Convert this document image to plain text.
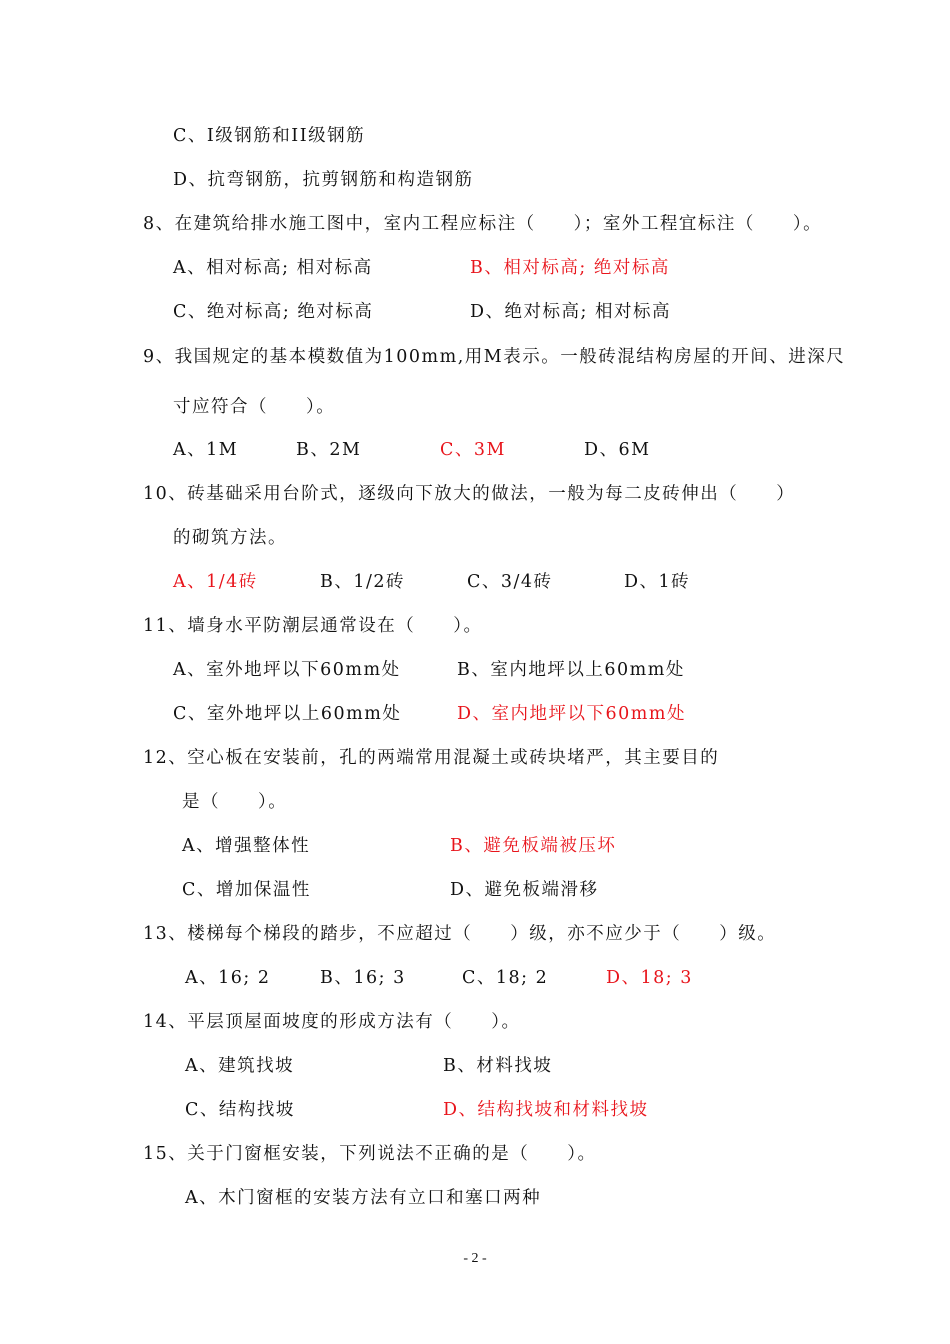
C、I级钢筋和II级钢筋
D、抗弯钢筋，抗剪钢筋和构造钢筋
8、在建筑给排水施工图中，室内工程应标注（　　）；室外工程宜标注（　　）。
A、相对标高; 相对标高	B、相对标高; 绝对标高
C、绝对标高; 绝对标高	D、绝对标高; 相对标高
9、我国规定的基本模数值为100mm,用M表示。一般砖混结构房屋的开间、进深尺
寸应符合（　　）。
A、1M	B、2M	C、3M	D、6M
10、砖基础采用台阶式，逐级向下放大的做法，一般为每二皮砖伸出（　　）
的砌筑方法。
A、1/4砖	B、1/2砖	C、3/4砖	D、1砖
11、墙身水平防潮层通常设在（　　）。
A、室外地坪以下60mm处	B、室内地坪以上60mm处
C、室外地坪以上60mm处	D、室内地坪以下60mm处
12、空心板在安装前，孔的两端常用混凝土或砖块堵严，其主要目的
是（　　）。
A、增强整体性	B、避免板端被压坏
C、增加保温性	D、避免板端滑移
13、楼梯每个梯段的踏步，不应超过（　　）级，亦不应少于（　　）级。
A、16; 2	B、16; 3	C、18; 2	D、18; 3
14、平层顶屋面坡度的形成方法有（　　）。
A、建筑找坡	B、材料找坡
C、结构找坡	D、结构找坡和材料找坡
15、关于门窗框安装，下列说法不正确的是（　　）。
A、木门窗框的安装方法有立口和塞口两种
- 2 -
